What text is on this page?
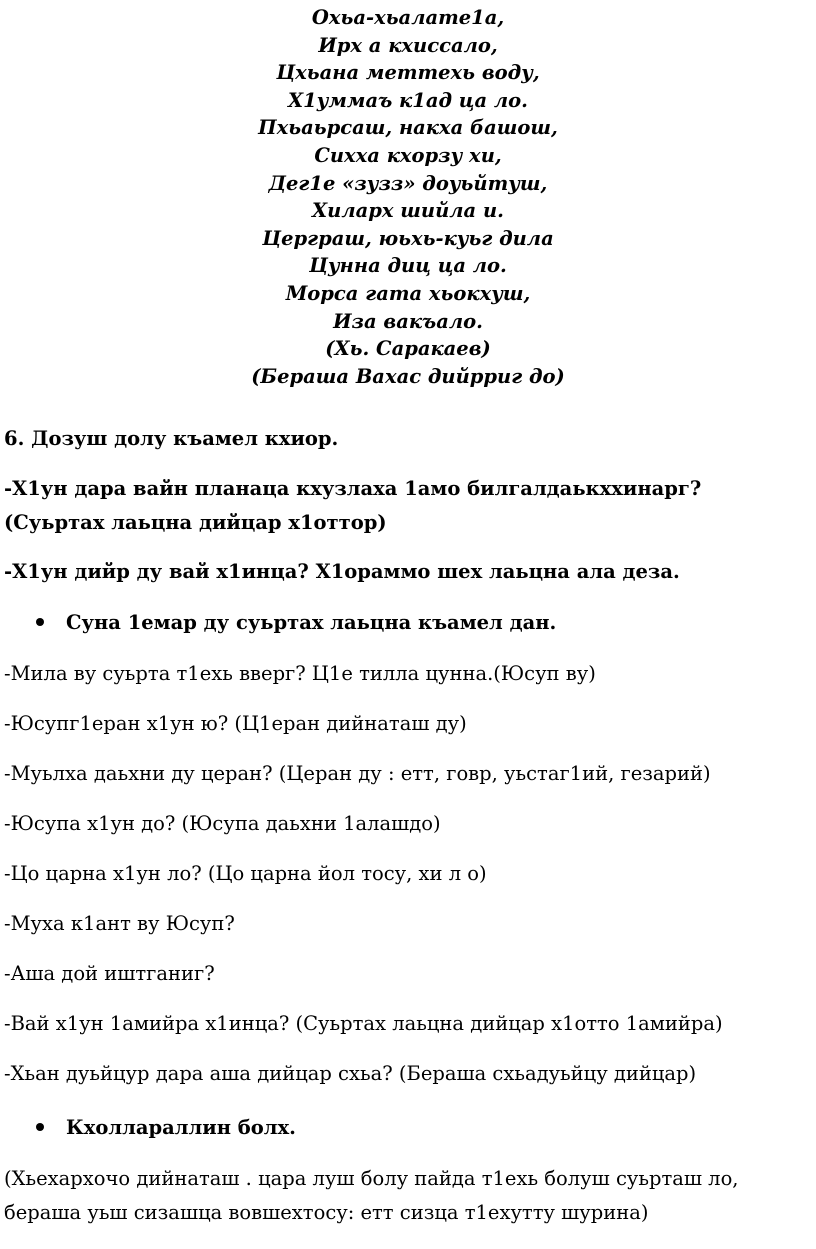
Охьа-хьалате1а,
Ирх а кхиссало,
Цхьана меттехь воду,
Х1уммаъ к1ад ца ло.
Пхьаьрсаш, накха башош,
Сихха кхорзу хи,
Дег1е «зузз» доуьйтуш,
Хиларх шийла и.
Церграш, юьхь-куьг дила
Цунна диц ца ло.
Морса гата хьокхуш,
Иза вакъало.
(Хь. Саракаев)
(Бераша Вахас дийрриг до)
6. Дозуш долу къамел кхиор.
-Х1ун дара вайн планаца кхузлаха 1амо билгалдаькххинарг?
(Суьртах лаьцна дийцар х1оттор)
-Х1ун дийр ду вай х1инца? Х1ораммо шех лаьцна ала деза.
Суна 1емар ду суьртах лаьцна къамел дан.
-Мила ву суьрта т1ехь вверг? Ц1е тилла цунна.(Юсуп ву)
-Юсупг1еран х1ун ю? (Ц1еран дийнаташ ду)
-Муьлха даьхни ду церан? (Церан ду : етт, говр, уьстаг1ий, гезарий)
-Юсупа х1ун до? (Юсупа даьхни 1алашдо)
-Цо царна х1ун ло? (Цо царна йол тосу, хи л о)
-Муха к1ант ву Юсуп?
-Аша дой иштганиг?
-Вай х1ун 1амийра х1инца? (Суьртах лаьцна дийцар х1отто 1амийра)
-Хьан дуьйцур дара аша дийцар схьа? (Бераша схьадуьйцу дийцар)
Кхоллараллин болх.
(Хьехархочо дийнаташ . цара луш болу пайда т1ехь болуш суьрташ ло,
бераша уьш сизашца вовшехтосу: етт сизца т1ехутту шурина)
